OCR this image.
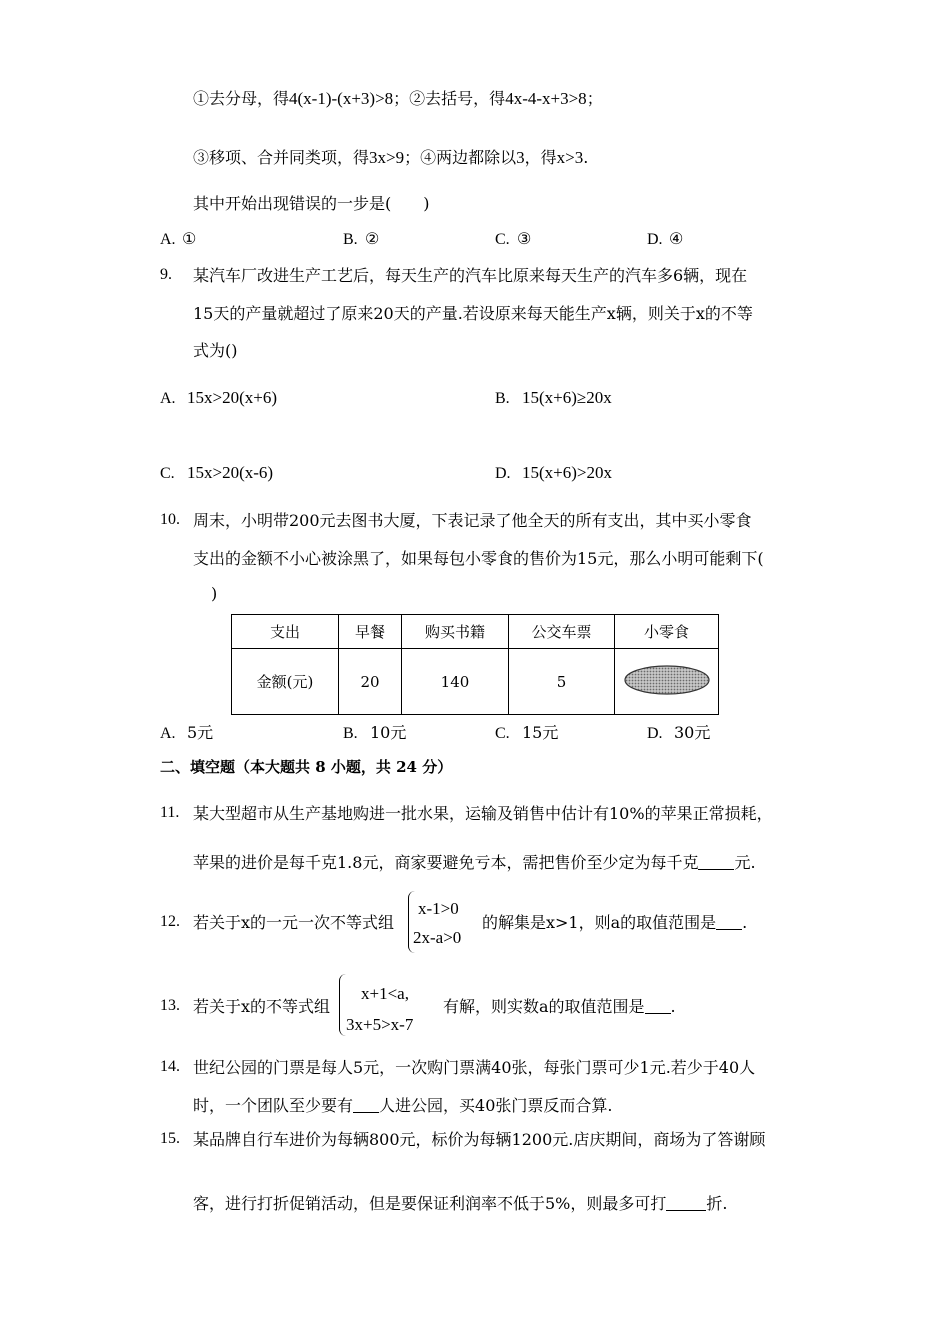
①去分母，得4(x-1)-(x+3)>8；②去括号，得4x-4-x+3>8；
③移项、合并同类项，得3x>9；④两边都除以3，得x>3.
其中开始出现错误的一步是(　　)
A. ①	B. ②	C. ③	D. ④
9. 某汽车厂改进生产工艺后，每天生产的汽车比原来每天生产的汽车多6辆，现在
15天的产量就超过了原来20天的产量.若设原来每天能生产x辆，则关于x的不等
式为()
A. 15x>20(x+6)	B. 15(x+6)≥20x
C. 15x>20(x-6)	D. 15(x+6)>20x
10. 周末，小明带200元去图书大厦，下表记录了他全天的所有支出，其中买小零食
支出的金额不小心被涂黑了，如果每包小零食的售价为15元，那么小明可能剩下(
)
支出	早餐	购买书籍	公交车票	小零食
金额(元)	20	140	5	
A. 5元	B. 10元	C. 15元	D. 30元
二、填空题（本大题共 8 小题，共 24 分）
11. 某大型超市从生产基地购进一批水果，运输及销售中估计有10%的苹果正常损耗，
苹果的进价是每千克1.8元，商家要避免亏本，需把售价至少定为每千克 元.
12. 若关于x的一元一次不等式组
x-1>0
2x-a>0
的解集是x>1，则a的取值范围是 .
13. 若关于x的不等式组
x+1<a,
3x+5>x-7
有解，则实数a的取值范围是 .
14. 世纪公园的门票是每人5元，一次购门票满40张，每张门票可少1元.若少于40人
时，一个团队至少要有 人进公园，买40张门票反而合算.
15. 某品牌自行车进价为每辆800元，标价为每辆1200元.店庆期间，商场为了答谢顾
客，进行打折促销活动，但是要保证利润率不低于5%，则最多可打	折.
